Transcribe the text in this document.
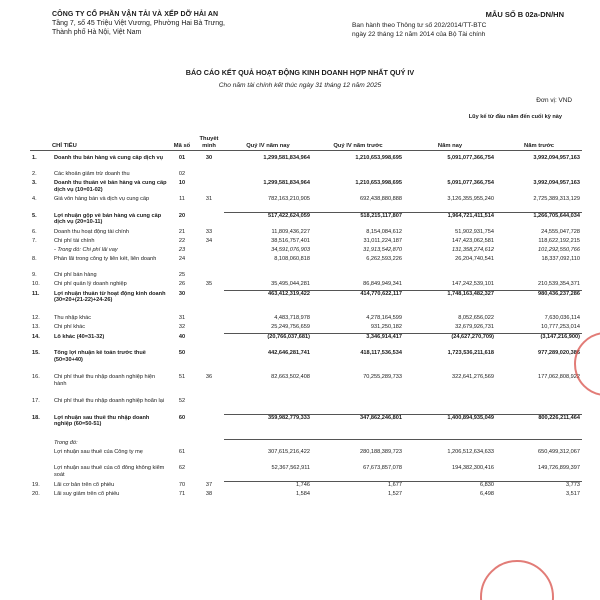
CÔNG TY CỔ PHẦN VẬN TẢI VÀ XẾP DỠ HẢI AN
Tầng 7, số 45 Triệu Việt Vương, Phường Hai Bà Trưng,
Thành phố Hà Nội, Việt Nam
MẪU SỐ B 02a-DN/HN
Ban hành theo Thông tư số 202/2014/TT-BTC
ngày 22 tháng 12 năm 2014 của Bộ Tài chính
BÁO CÁO KẾT QUẢ HOẠT ĐỘNG KINH DOANH HỢP NHẤT QUÝ IV
Cho năm tài chính kết thúc ngày 31 tháng 12 năm 2025
Đơn vị: VND
Lũy kế từ đầu năm đến cuối kỳ này
CHỈ TIÊU		Mã số	Thuyết minh	Quý IV năm nay	Quý IV năm trước	Năm nay	Năm trước

1.	Doanh thu bán hàng và cung cấp dịch vụ	01	30	1,299,581,834,964	1,210,653,998,695	5,091,077,366,754	3,992,094,957,163
2.	Các khoản giảm trừ doanh thu	02					
3.	Doanh thu thuần về bán hàng và cung cấp dịch vụ (10=01-02)	10		1,299,581,834,964	1,210,653,998,695	5,091,077,366,754	3,992,094,957,163
4.	Giá vốn hàng bán và dịch vụ cung cấp	11	31	782,163,210,905	692,438,880,888	3,126,355,955,240	2,725,389,313,129
5.	Lợi nhuận gộp về bán hàng và cung cấp dịch vụ (20=10-11)	20		517,422,624,059	518,215,117,807	1,964,721,411,514	1,266,705,644,034
6.	Doanh thu hoạt động tài chính	21	33	11,809,436,227	8,154,084,612	51,902,931,754	24,555,047,728
7.	Chi phí tài chính	22	34	38,516,757,401	31,011,224,187	147,423,062,581	118,622,192,215
	- Trong đó: Chi phí lãi vay	23		34,591,076,903	31,913,542,870	131,358,274,612	101,292,550,766
8.	Phần lãi trong công ty liên kết, liên doanh	24		8,108,060,818	6,262,593,226	26,204,740,541	18,337,092,110
9.	Chi phí bán hàng	25					
10.	Chi phí quản lý doanh nghiệp	26	35	35,495,044,281	86,849,949,341	147,242,539,101	210,539,354,371
11.	Lợi nhuận thuần từ hoạt động kinh doanh (30=20+(21-22)+24-26)	30		463,412,319,422	414,770,622,117	1,748,163,482,327	980,436,237,286
12.	Thu nhập khác	31		4,483,718,978	4,278,164,599	8,052,656,022	7,630,036,114
13.	Chi phí khác	32		25,249,756,659	931,250,182	32,679,926,731	10,777,253,014
14.	Lỗ khác (40=31-32)	40		(20,766,037,681)	3,346,914,417	(24,627,270,709)	(3,147,216,900)
15.	Tổng lợi nhuận kế toán trước thuế (50=30+40)	50		442,646,281,741	418,117,536,534	1,723,536,211,618	977,289,020,386
16.	Chi phí thuế thu nhập doanh nghiệp hiện hành	51	36	82,663,502,408	70,255,289,733	322,641,276,569	177,062,808,922
17.	Chi phí thuế thu nhập doanh nghiệp hoãn lại	52					
18.	Lợi nhuận sau thuế thu nhập doanh nghiệp (60=50-51)	60		359,982,779,333	347,862,246,801	1,400,894,935,049	800,226,211,464
	Trong đó:						
	Lợi nhuận sau thuế của Công ty mẹ	61		307,615,216,422	280,188,389,723	1,206,512,634,633	650,499,312,067
	Lợi nhuận sau thuế của cổ đông không kiểm soát	62		52,367,562,911	67,673,857,078	194,382,300,416	149,726,899,397
19.	Lãi cơ bản trên cổ phiếu	70	37	1,746	1,677	6,830	3,773
20.	Lãi suy giảm trên cổ phiếu	71	38	1,584	1,527	6,498	3,517
